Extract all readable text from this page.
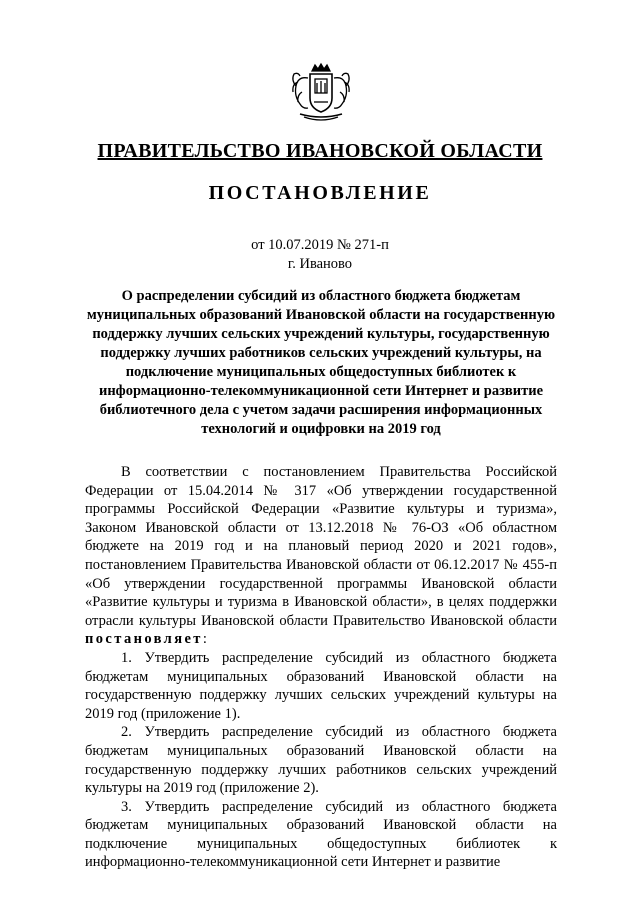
ПРАВИТЕЛЬСТВО ИВАНОВСКОЙ ОБЛАСТИ
ПОСТАНОВЛЕНИЕ
от 10.07.2019 № 271-п
г. Иваново
О распределении субсидий из областного бюджета бюджетам муниципальных образований Ивановской области на государственную поддержку лучших сельских учреждений культуры, государственную поддержку лучших работников сельских учреждений культуры, на подключение муниципальных общедоступных библиотек к информационно-телекоммуникационной сети Интернет и развитие библиотечного дела с учетом задачи расширения информационных технологий и оцифровки на 2019 год

В соответствии с постановлением Правительства Российской Федерации от 15.04.2014 № 317 «Об утверждении государственной программы Российской Федерации «Развитие культуры и туризма», Законом Ивановской области от 13.12.2018 № 76-ОЗ «Об областном бюджете на 2019 год и на плановый период 2020 и 2021 годов», постановлением Правительства Ивановской области от 06.12.2017 № 455-п «Об утверждении государственной программы Ивановской области «Развитие культуры и туризма в Ивановской области», в целях поддержки отрасли культуры Ивановской области Правительство Ивановской области постановляет:

1. Утвердить распределение субсидий из областного бюджета бюджетам муниципальных образований Ивановской области на государственную поддержку лучших сельских учреждений культуры на 2019 год (приложение 1).

2. Утвердить распределение субсидий из областного бюджета бюджетам муниципальных образований Ивановской области на государственную поддержку лучших работников сельских учреждений культуры на 2019 год (приложение 2).

3. Утвердить распределение субсидий из областного бюджета бюджетам муниципальных образований Ивановской области на подключение муниципальных общедоступных библиотек к информационно-телекоммуникационной сети Интернет и развитие
